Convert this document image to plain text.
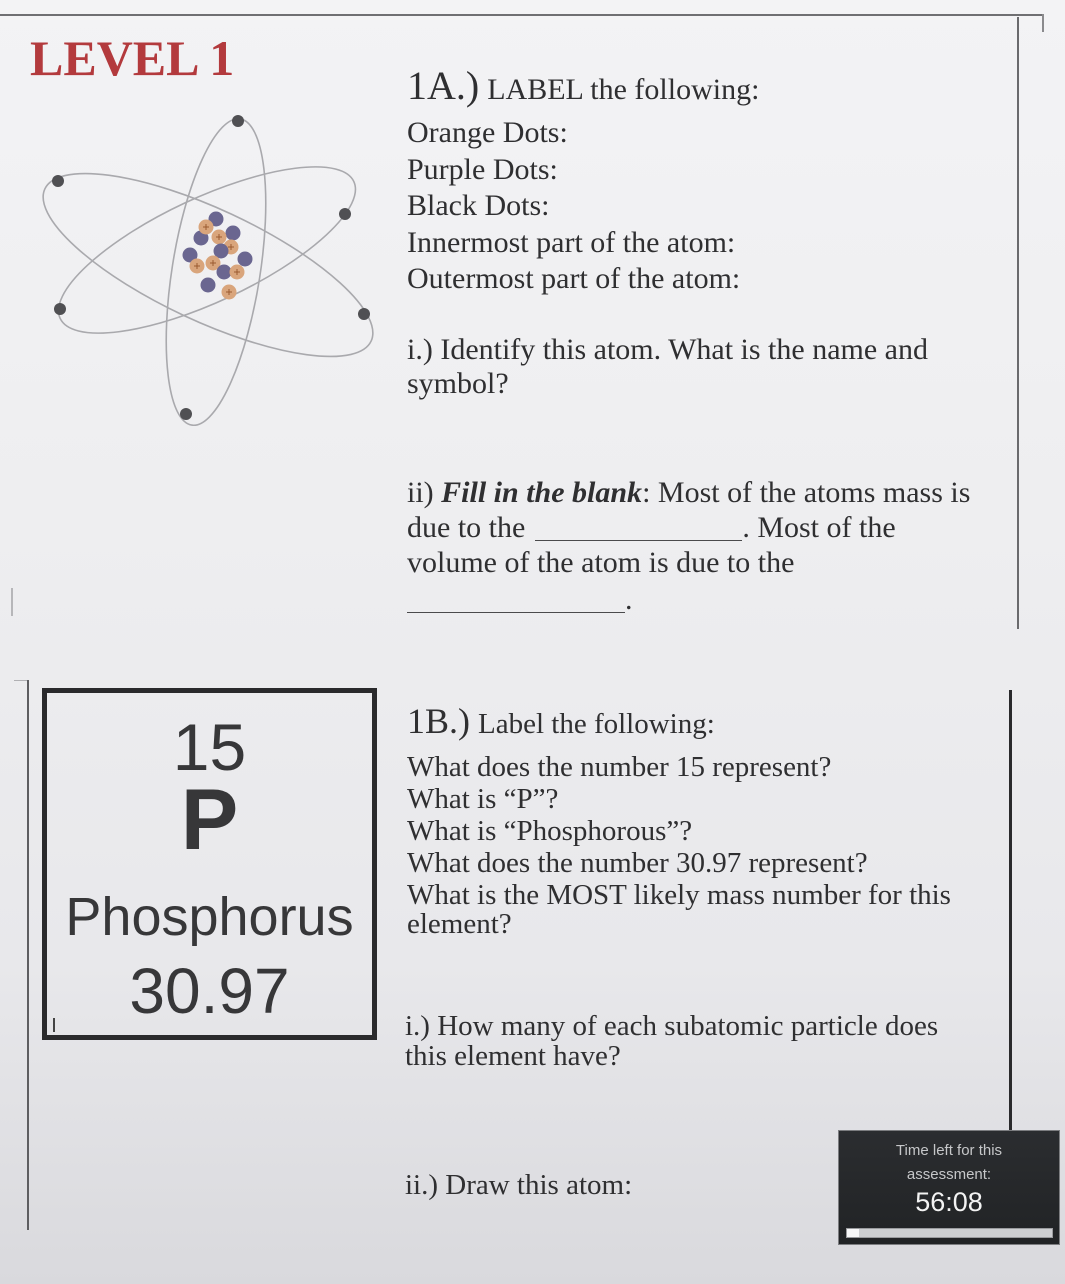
LEVEL 1	1A.) LABEL the following:
Orange Dots:
Purple Dots:
Black Dots:
Innermost part of the atom:
Outermost part of the atom:
i.) Identify this atom. What is the name and
symbol?
ii) Fill in the blank: Most of the atoms mass is
due to the	. Most of the
volume of the atom is due to the
.
15
P
Phosphorus
30.97
1B.) Label the following:
What does the number 15 represent?
What is “P”?
What is “Phosphorous”?
What does the number 30.97 represent?
What is the MOST likely mass number for this
element?
i.) How many of each subatomic particle does
this element have?
ii.) Draw this atom:
Time left for this
assessment:
56:08
